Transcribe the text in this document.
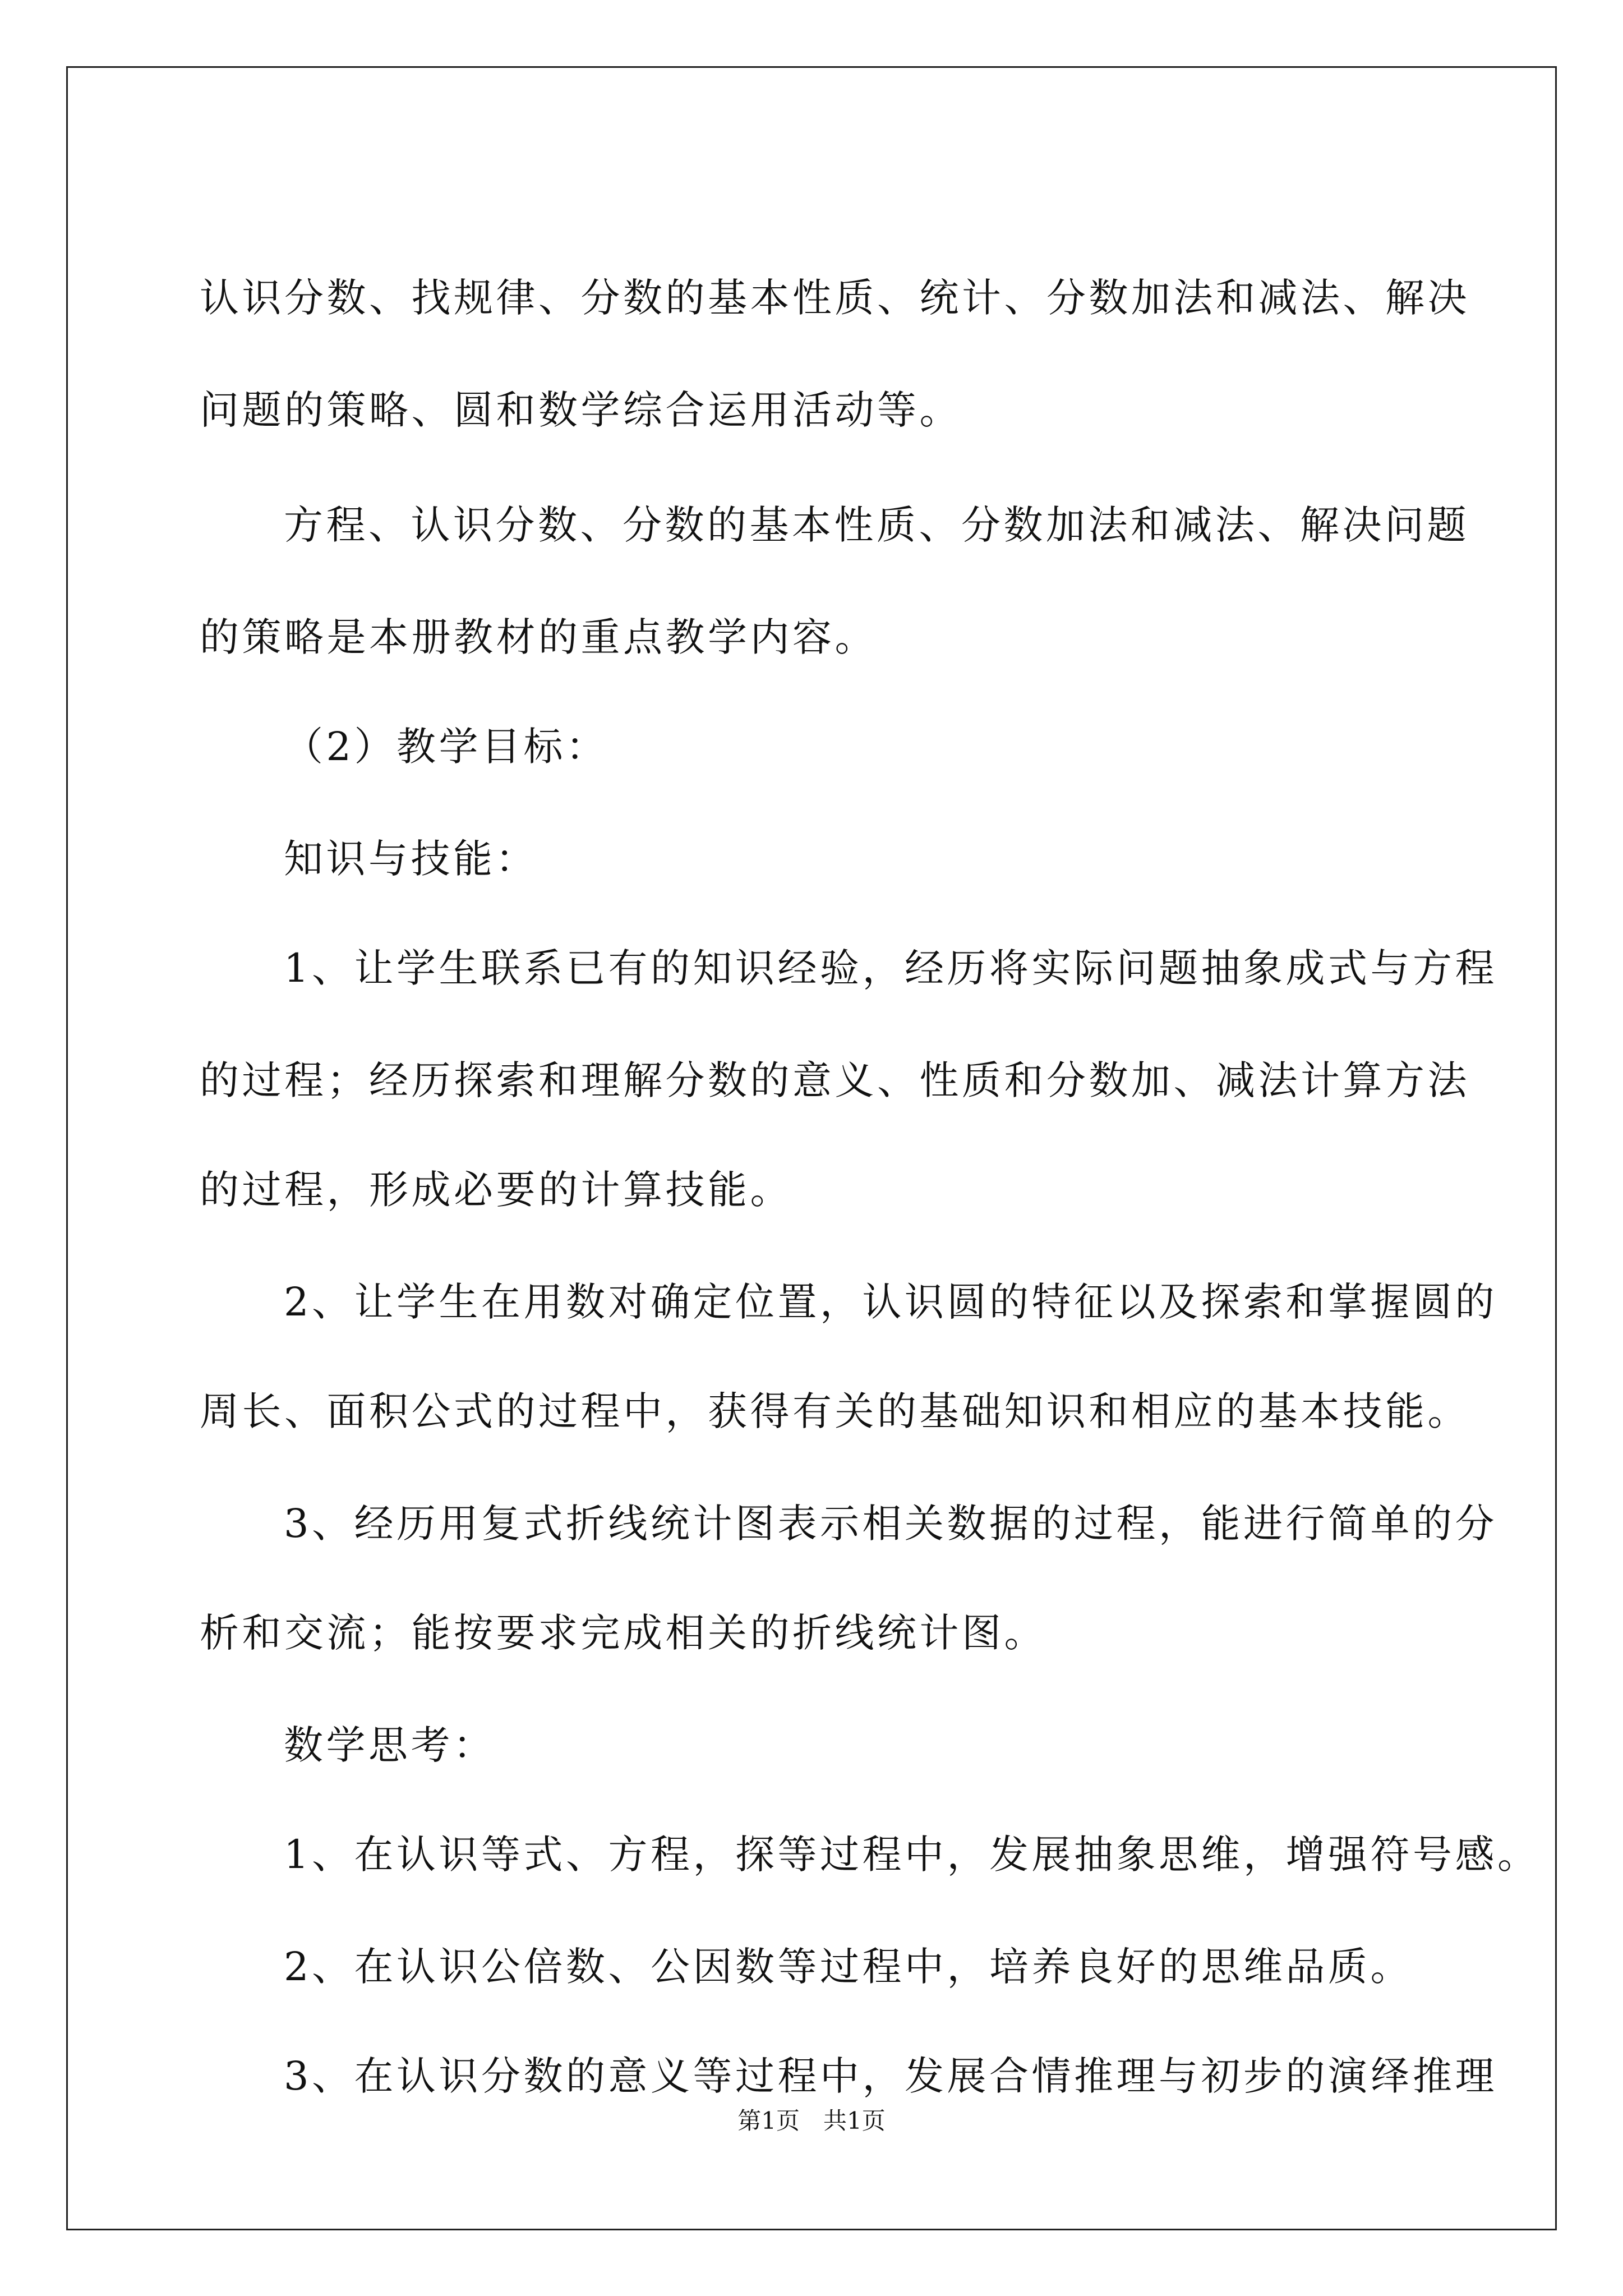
认识分数、找规律、分数的基本性质、统计、分数加法和减法、解决

问题的策略、圆和数学综合运用活动等。

方程、认识分数、分数的基本性质、分数加法和减法、解决问题

的策略是本册教材的重点教学内容。

（2）教学目标：

知识与技能：

1、让学生联系已有的知识经验，经历将实际问题抽象成式与方程

的过程；经历探索和理解分数的意义、性质和分数加、减法计算方法

的过程，形成必要的计算技能。

2、让学生在用数对确定位置，认识圆的特征以及探索和掌握圆的

周长、面积公式的过程中，获得有关的基础知识和相应的基本技能。

3、经历用复式折线统计图表示相关数据的过程，能进行简单的分

析和交流；能按要求完成相关的折线统计图。

数学思考：

1、在认识等式、方程，探等过程中，发展抽象思维，增强符号感。

2、在认识公倍数、公因数等过程中，培养良好的思维品质。

3、在认识分数的意义等过程中，发展合情推理与初步的演绎推理

第1页　共1页
